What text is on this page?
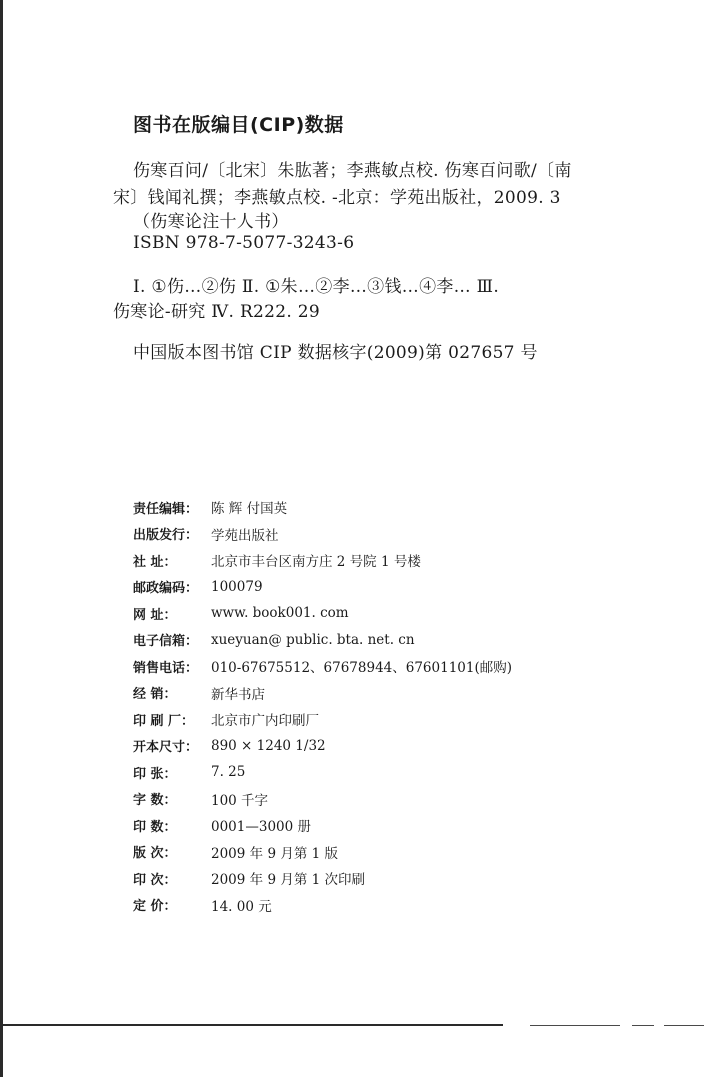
图书在版编目(CIP)数据
伤寒百问/〔北宋〕朱肱著；李燕敏点校. 伤寒百问歌/〔南
宋〕钱闻礼撰；李燕敏点校. -北京：学苑出版社，2009. 3
（伤寒论注十人书）
ISBN 978-7-5077-3243-6
Ⅰ. ①伤…②伤 Ⅱ. ①朱…②李…③钱…④李… Ⅲ.
伤寒论-研究 Ⅳ. R222. 29
中国版本图书馆 CIP 数据核字(2009)第 027657 号
责任编辑： 陈 辉 付国英
出版发行： 学苑出版社
社 址：	北京市丰台区南方庄 2 号院 1 号楼
邮政编码： 100079
网 址：	www. book001. com
电子信箱： xueyuan@ public. bta. net. cn
销售电话： 010-67675512、67678944、67601101(邮购)
经 销：	新华书店
印 刷 厂：	北京市广内印刷厂
开本尺寸： 890 × 1240 1/32
印 张：	7. 25
字 数：	100 千字
印 数：	0001—3000 册
版 次：	2009 年 9 月第 1 版
印 次：	2009 年 9 月第 1 次印刷
定 价：	14. 00 元
